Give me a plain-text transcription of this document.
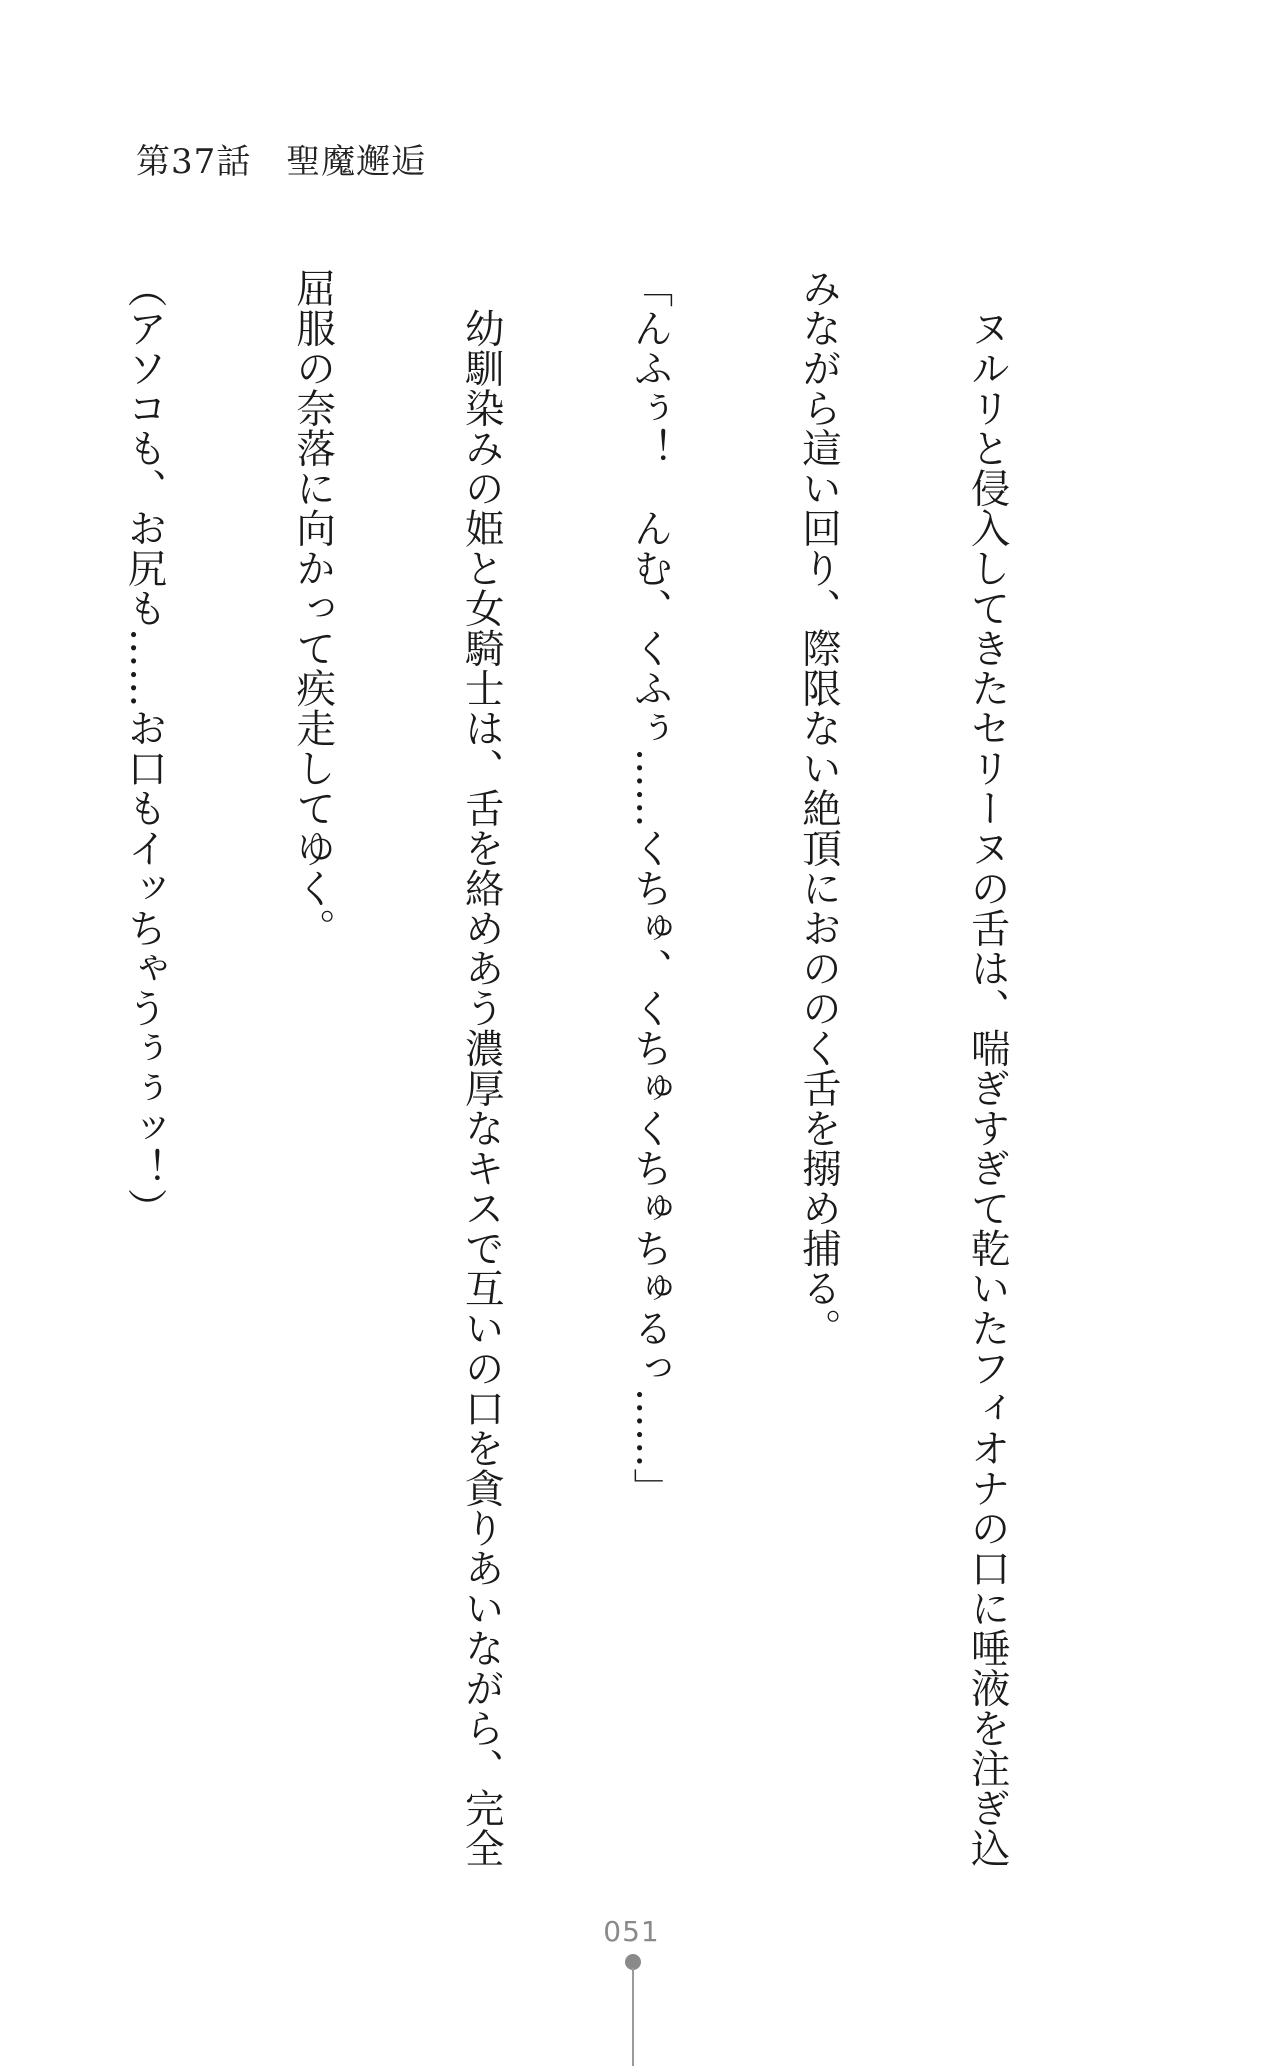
第37話　聖魔邂逅

　ヌルリと侵入してきたセリーヌの舌は、喘ぎすぎて乾いたフィオナの口に唾液を注ぎ込

みながら這い回り、際限ない絶頂におののく舌を搦め捕る。

「んふぅ！　んむ、くふぅ……くちゅ、くちゅくちゅちゅるっ……」

　幼馴染みの姫と女騎士は、舌を絡めあう濃厚なキスで互いの口を貪りあいながら、完全

屈服の奈落に向かって疾走してゆく。

（アソコも、お尻も……お口もイッちゃうぅぅッ！）

051
